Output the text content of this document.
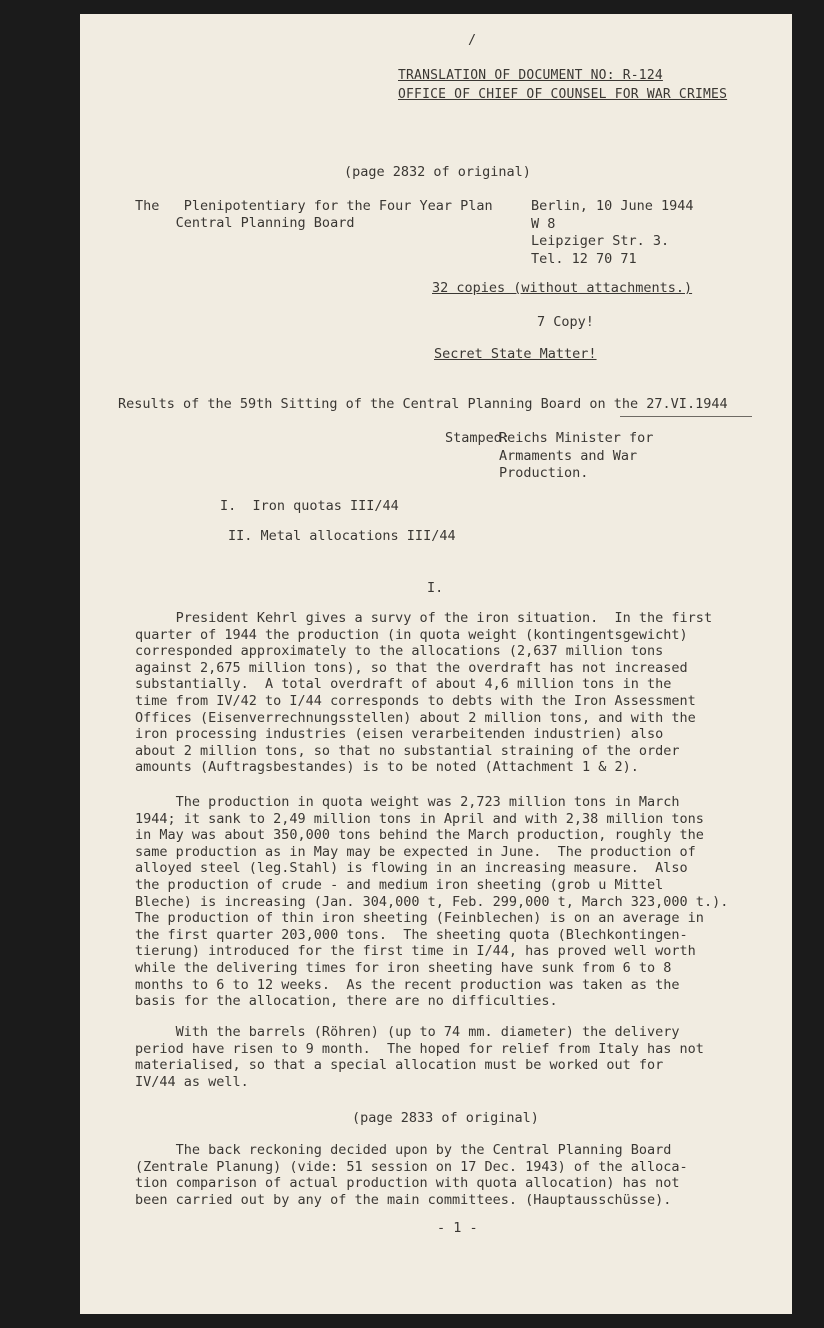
/
TRANSLATION OF DOCUMENT NO: R-124
OFFICE OF CHIEF OF COUNSEL FOR WAR CRIMES
(page 2832 of original)
The   Plenipotentiary for the Four Year Plan
Central Planning Board
Berlin, 10 June 1944
W 8
Leipziger Str. 3.
Tel. 12 70 71
32 copies (without attachments.)
7 Copy!
Secret State Matter!
Results of the 59th Sitting of the Central Planning Board on the 27.VI.1944
Stamped:
Reichs Minister for
Armaments and War
Production.
I.  Iron quotas III/44
II. Metal allocations III/44
I.
President Kehrl gives a survy of the iron situation.  In the first
quarter of 1944 the production (in quota weight (kontingentsgewicht)
corresponded approximately to the allocations (2,637 million tons
against 2,675 million tons), so that the overdraft has not increased
substantially.  A total overdraft of about 4,6 million tons in the
time from IV/42 to I/44 corresponds to debts with the Iron Assessment
Offices (Eisenverrechnungsstellen) about 2 million tons, and with the
iron processing industries (eisen verarbeitenden industrien) also
about 2 million tons, so that no substantial straining of the order
amounts (Auftragsbestandes) is to be noted (Attachment 1 & 2).
The production in quota weight was 2,723 million tons in March
1944; it sank to 2,49 million tons in April and with 2,38 million tons
in May was about 350,000 tons behind the March production, roughly the
same production as in May may be expected in June.  The production of
alloyed steel (leg.Stahl) is flowing in an increasing measure.  Also
the production of crude - and medium iron sheeting (grob u Mittel
Bleche) is increasing (Jan. 304,000 t, Feb. 299,000 t, March 323,000 t.).
The production of thin iron sheeting (Feinblechen) is on an average in
the first quarter 203,000 tons.  The sheeting quota (Blechkontingen-
tierung) introduced for the first time in I/44, has proved well worth
while the delivering times for iron sheeting have sunk from 6 to 8
months to 6 to 12 weeks.  As the recent production was taken as the
basis for the allocation, there are no difficulties.
With the barrels (Röhren) (up to 74 mm. diameter) the delivery
period have risen to 9 month.  The hoped for relief from Italy has not
materialised, so that a special allocation must be worked out for
IV/44 as well.
(page 2833 of original)
The back reckoning decided upon by the Central Planning Board
(Zentrale Planung) (vide: 51 session on 17 Dec. 1943) of the alloca-
tion comparison of actual production with quota allocation) has not
been carried out by any of the main committees. (Hauptausschüsse).
- 1 -
